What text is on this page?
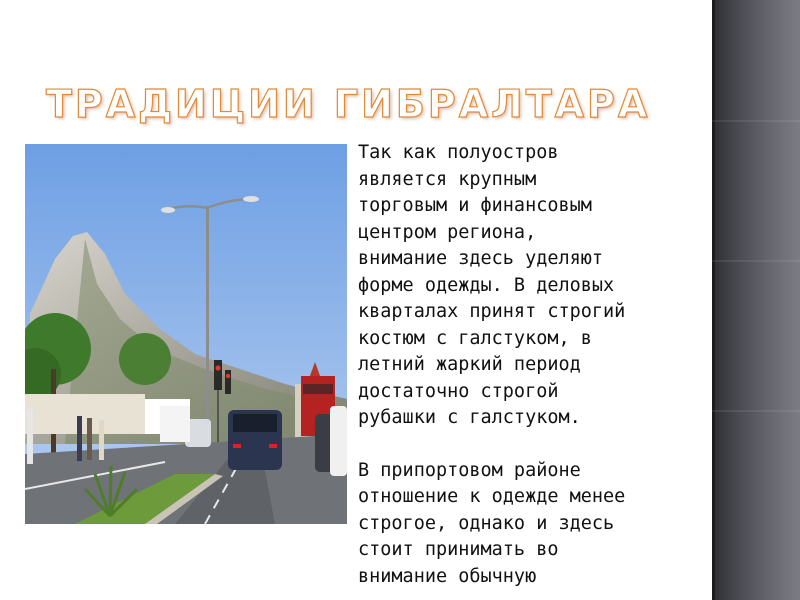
ТРАДИЦИИ ГИБРАЛТАРА

Так как полуостров
является крупным
торговым и финансовым
центром региона,
внимание здесь уделяют
форме одежды. В деловых
кварталах принят строгий
костюм с галстуком, в
летний жаркий период
достаточно строгой
рубашки с галстуком.

В припортовом районе
отношение к одежде менее
строгое, однако и здесь
стоит принимать во
внимание обычную
